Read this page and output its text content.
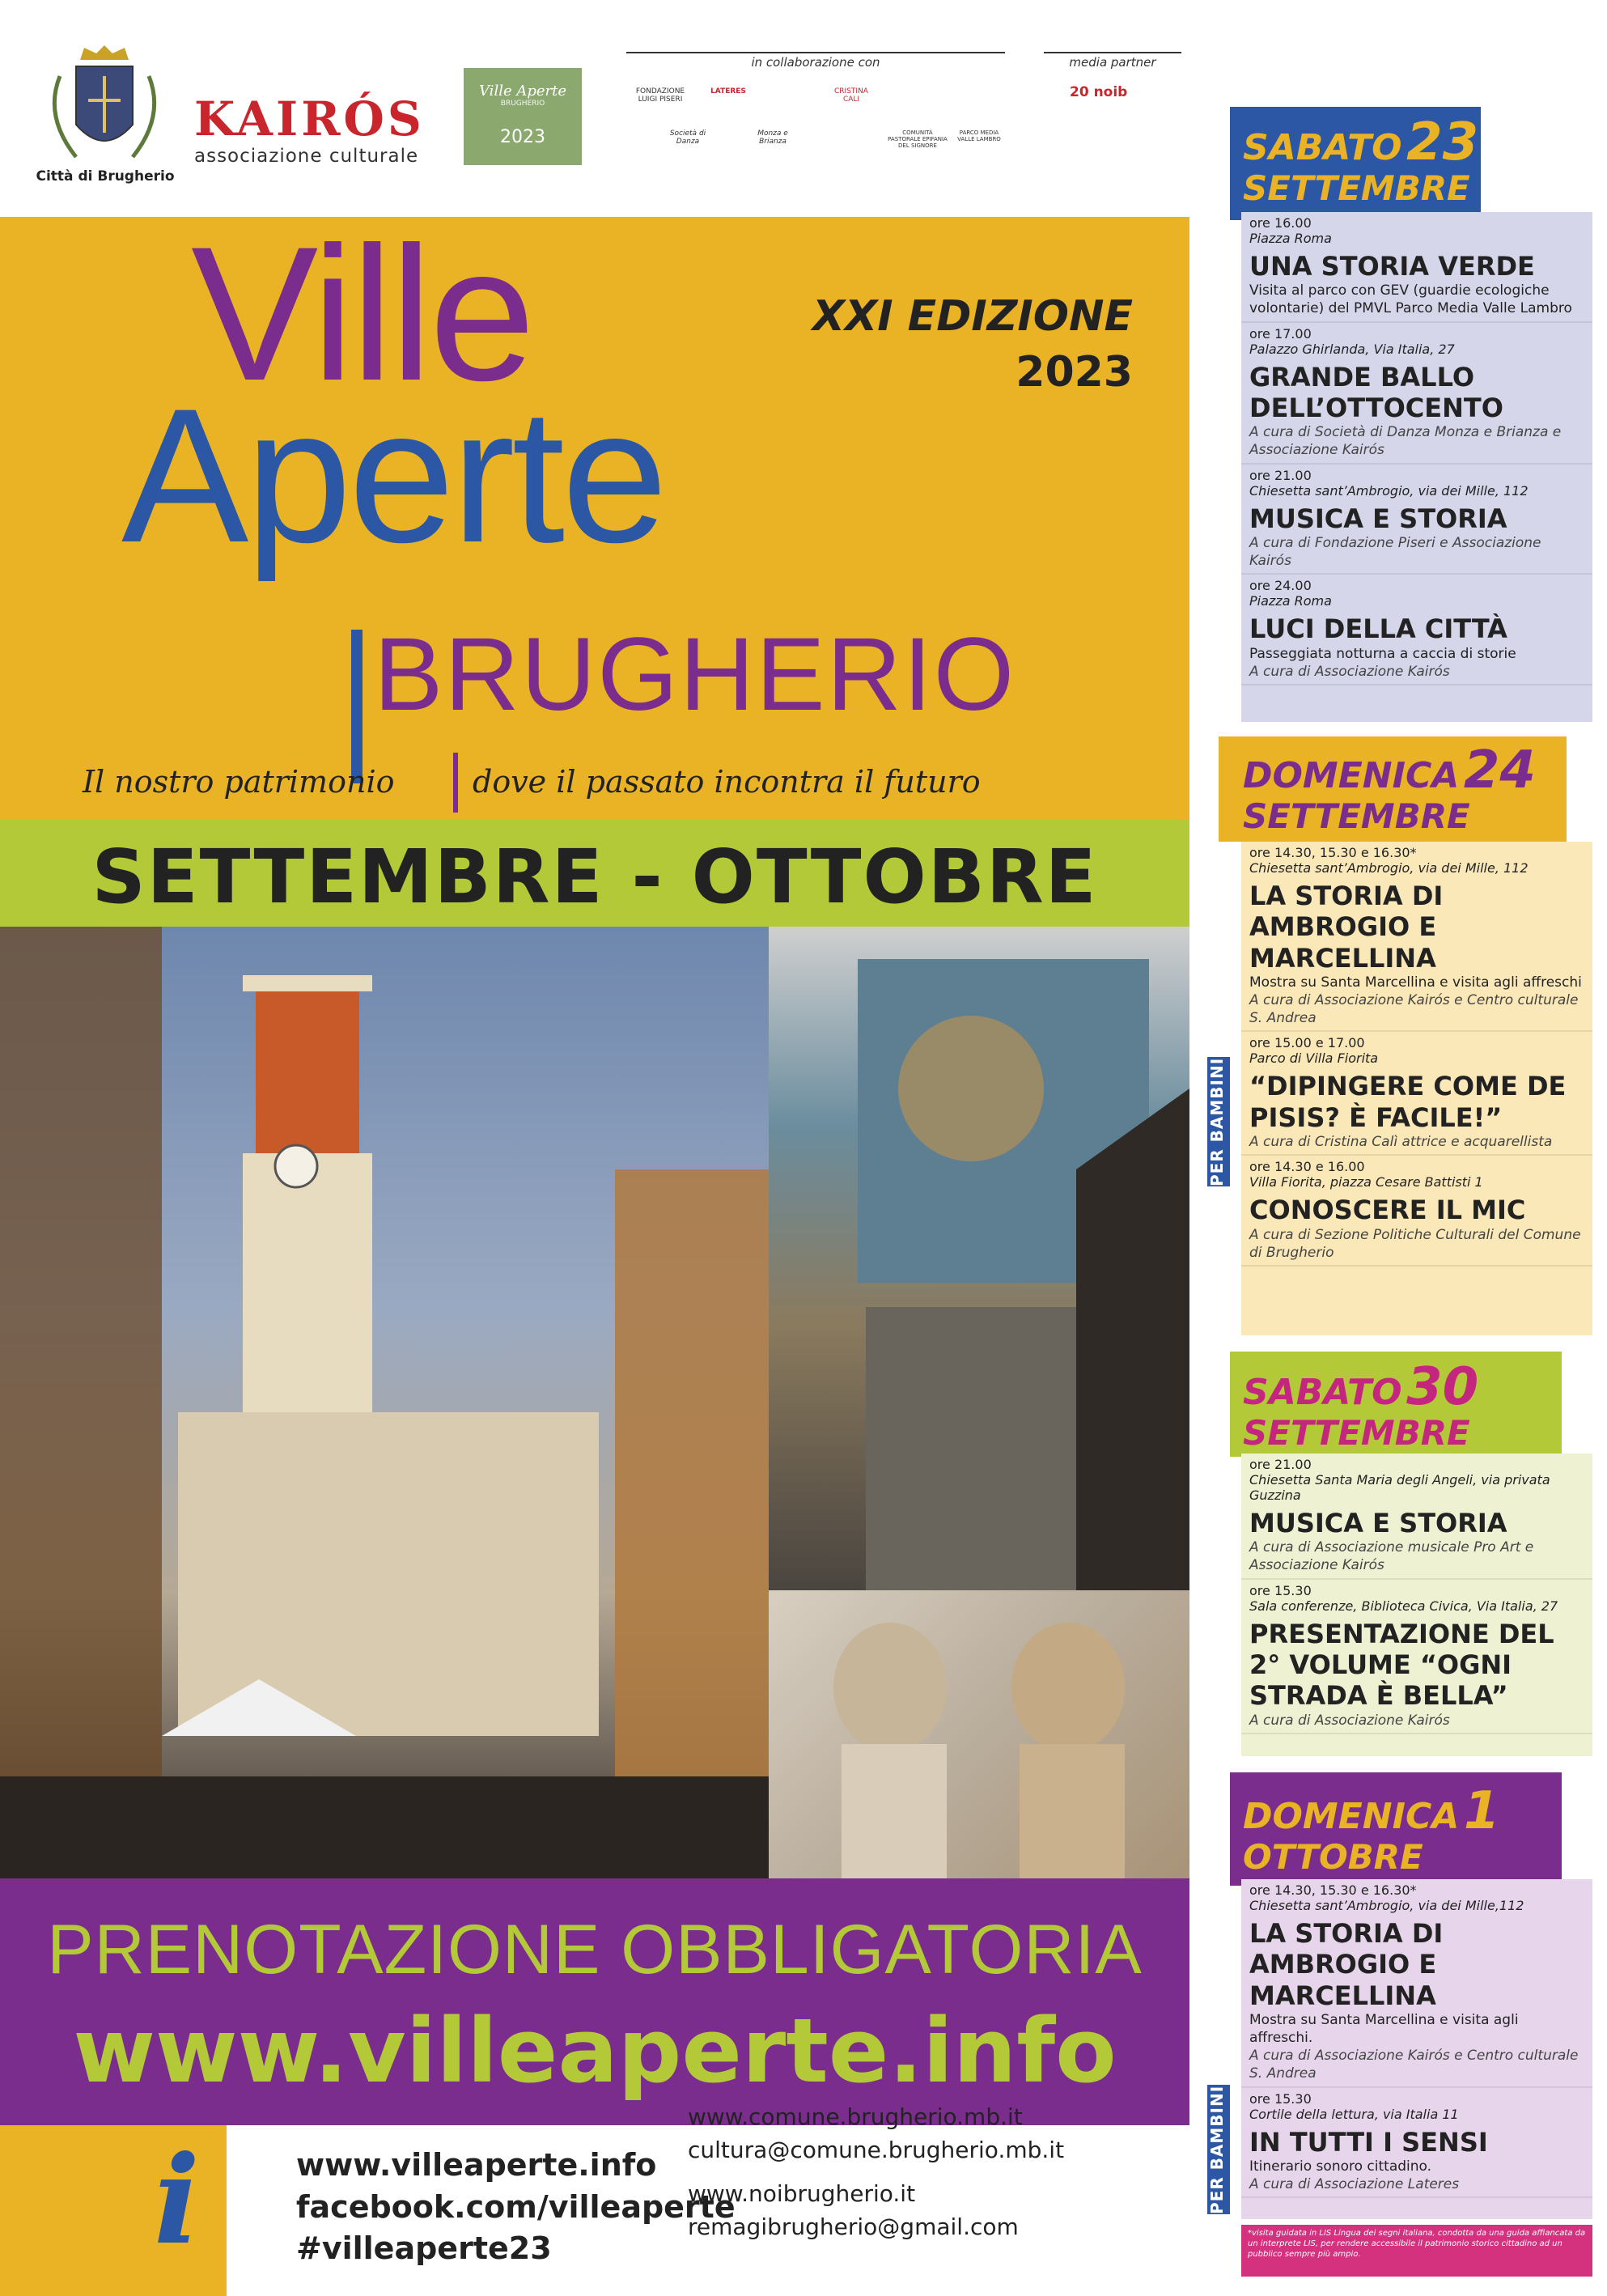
Città di Brugherio
KAIRÓS
associazione culturale
Ville Aperte
BRUGHERIO
2023
in collaborazione con	media partner
20 noib
FONDAZIONE LUIGI PISERI
LATERES	CRISTINA CALI
Società di Danza
Monza e Brianza
COMUNITÀ PASTORALE EPIFANIA DEL SIGNORE
PARCO MEDIA VALLE LAMBRO
Ville
Aperte
BRUGHERIO
XXI EDIZIONE
2023
Il nostro patrimonio	dove il passato incontra il futuro
SETTEMBRE - OTTOBRE
PRENOTAZIONE OBBLIGATORIA
www.villeaperte.info
i	www.villeaperte.info
facebook.com/villeaperte
#villeaperte23
www.comune.brugherio.mb.it
cultura@comune.brugherio.mb.it
www.noibrugherio.it
remagibrugherio@gmail.com
SABATO 23
SETTEMBRE
ore 16.00
Piazza Roma
UNA STORIA VERDE
Visita al parco con GEV (guardie ecologiche volontarie) del PMVL Parco Media Valle Lambro
ore 17.00
Palazzo Ghirlanda, Via Italia, 27
GRANDE BALLO DELL’OTTOCENTO
A cura di Società di Danza Monza e Brianza e Associazione Kairós
ore 21.00
Chiesetta sant’Ambrogio, via dei Mille, 112
MUSICA E STORIA
A cura di Fondazione Piseri e Associazione Kairós
ore 24.00
Piazza Roma
LUCI DELLA CITTÀ
Passeggiata notturna a caccia di storie
A cura di Associazione Kairós
DOMENICA 24
SETTEMBRE
ore 14.30, 15.30 e 16.30*
Chiesetta sant’Ambrogio, via dei Mille, 112
LA STORIA DI AMBROGIO E MARCELLINA
Mostra su Santa Marcellina e visita agli affreschi
A cura di Associazione Kairós e Centro culturale S. Andrea
ore 15.00 e 17.00
Parco di Villa Fiorita
“DIPINGERE COME DE PISIS? È FACILE!”
A cura di Cristina Calì attrice e acquarellista
ore 14.30 e 16.00
Villa Fiorita, piazza Cesare Battisti 1
CONOSCERE IL MIC
A cura di Sezione Politiche Culturali del Comune di Brugherio
PER BAMBINI
SABATO 30
SETTEMBRE
ore 21.00
Chiesetta Santa Maria degli Angeli, via privata Guzzina
MUSICA E STORIA
A cura di Associazione musicale Pro Art e Associazione Kairós
ore 15.30
Sala conferenze, Biblioteca Civica, Via Italia, 27
PRESENTAZIONE DEL 2° VOLUME “OGNI STRADA È BELLA”
A cura di Associazione Kairós
DOMENICA 1
OTTOBRE
ore 14.30, 15.30 e 16.30*
Chiesetta sant’Ambrogio, via dei Mille,112
LA STORIA DI AMBROGIO E MARCELLINA
Mostra su Santa Marcellina e visita agli affreschi.
A cura di Associazione Kairós e Centro culturale S. Andrea
ore 15.30
Cortile della lettura, via Italia 11
IN TUTTI I SENSI
Itinerario sonoro cittadino.
A cura di Associazione Lateres
PER BAMBINI
*visita guidata in LIS Lingua dei segni italiana, condotta da una guida affiancata da un interprete LIS, per rendere accessibile il patrimonio storico cittadino ad un pubblico sempre più ampio.
